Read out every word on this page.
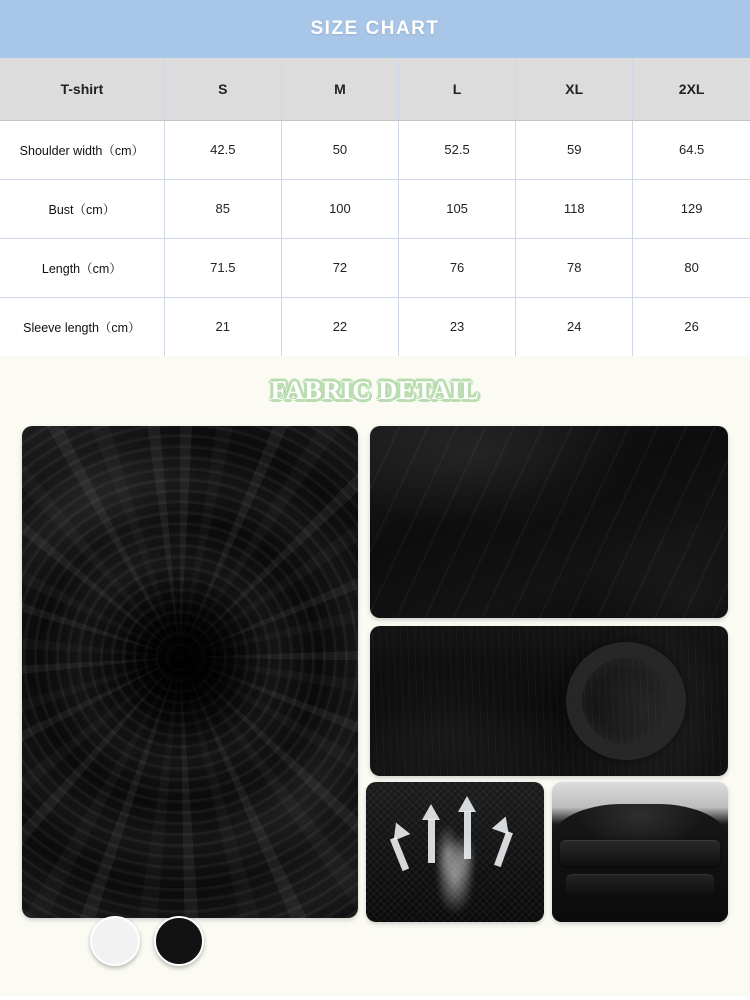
SIZE CHART
T-shirt	S	M	L	XL	2XL
Shoulder width（cm）	42.5	50	52.5	59	64.5
Bust（cm）	85	100	105	118	129
Length（cm）	71.5	72	76	78	80
Sleeve length（cm）	21	22	23	24	26
FABRIC DETAIL
